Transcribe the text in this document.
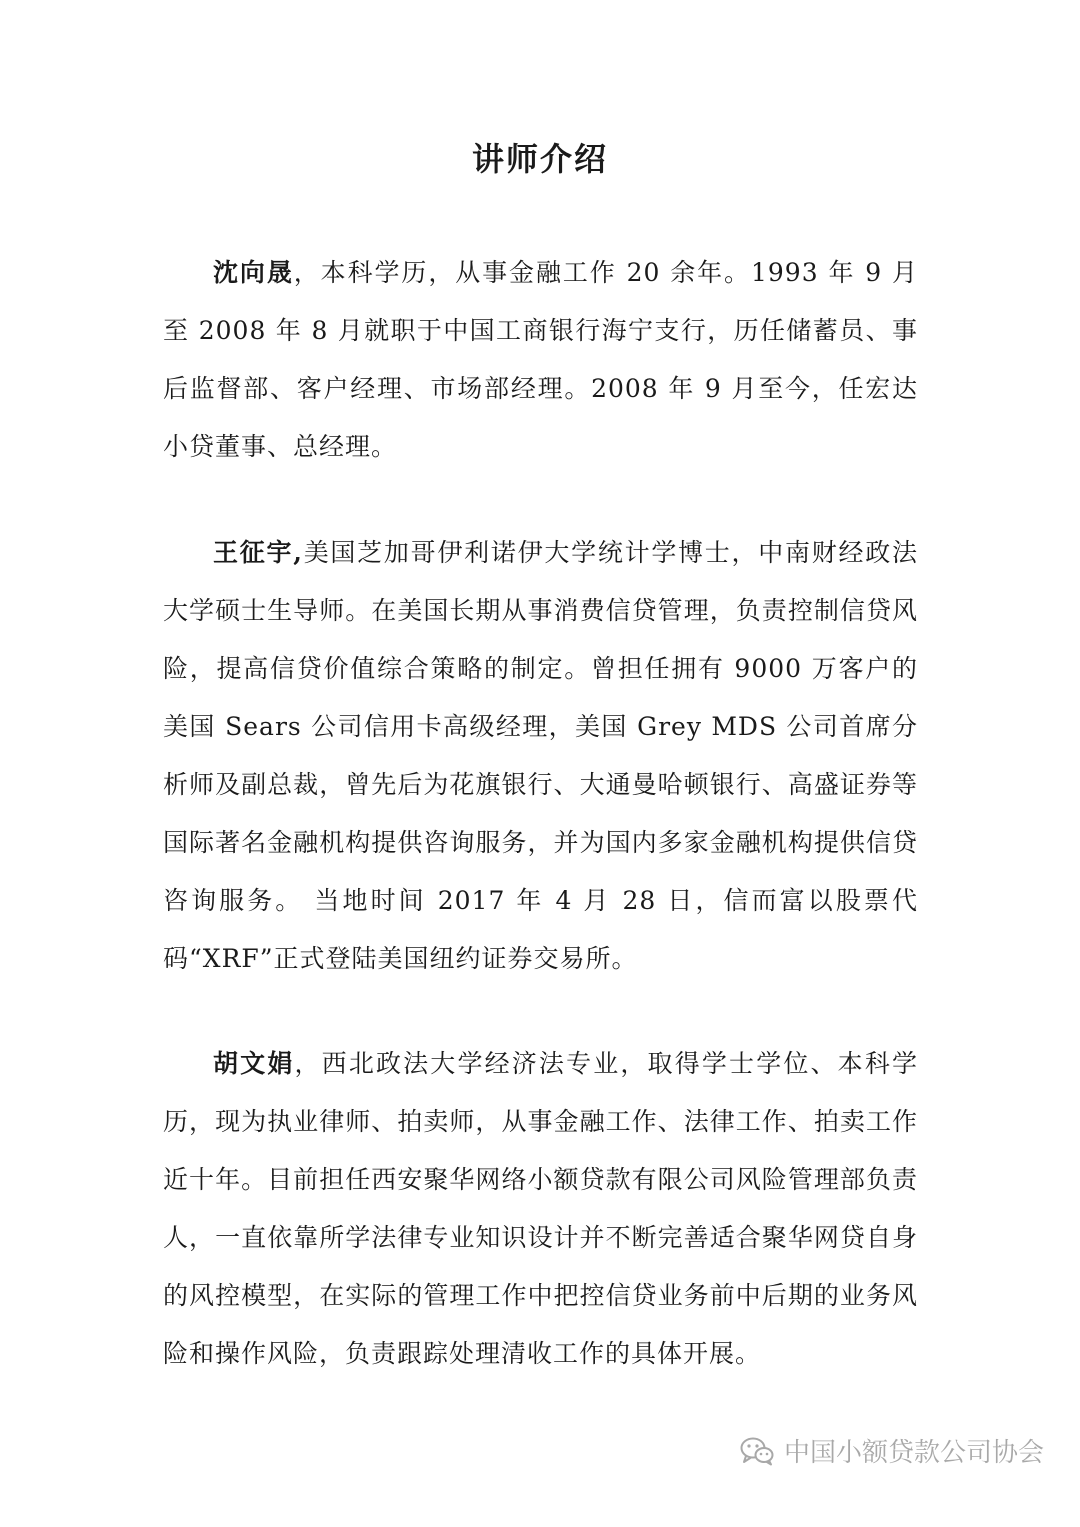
讲师介绍

沈向晟，本科学历，从事金融工作 20 余年。1993 年 9 月至 2008 年 8 月就职于中国工商银行海宁支行，历任储蓄员、事后监督部、客户经理、市场部经理。2008 年 9 月至今，任宏达小贷董事、总经理。

王征宇,美国芝加哥伊利诺伊大学统计学博士，中南财经政法大学硕士生导师。在美国长期从事消费信贷管理，负责控制信贷风险，提高信贷价值综合策略的制定。曾担任拥有 9000 万客户的美国 Sears 公司信用卡高级经理，美国 Grey MDS 公司首席分析师及副总裁，曾先后为花旗银行、大通曼哈顿银行、高盛证券等国际著名金融机构提供咨询服务，并为国内多家金融机构提供信贷咨询服务。 当地时间 2017 年 4 月 28 日，信而富以股票代码“XRF”正式登陆美国纽约证券交易所。

胡文娟，西北政法大学经济法专业，取得学士学位、本科学历，现为执业律师、拍卖师，从事金融工作、法律工作、拍卖工作近十年。目前担任西安聚华网络小额贷款有限公司风险管理部负责人，一直依靠所学法律专业知识设计并不断完善适合聚华网贷自身的风控模型，在实际的管理工作中把控信贷业务前中后期的业务风险和操作风险，负责跟踪处理清收工作的具体开展。

中国小额贷款公司协会
